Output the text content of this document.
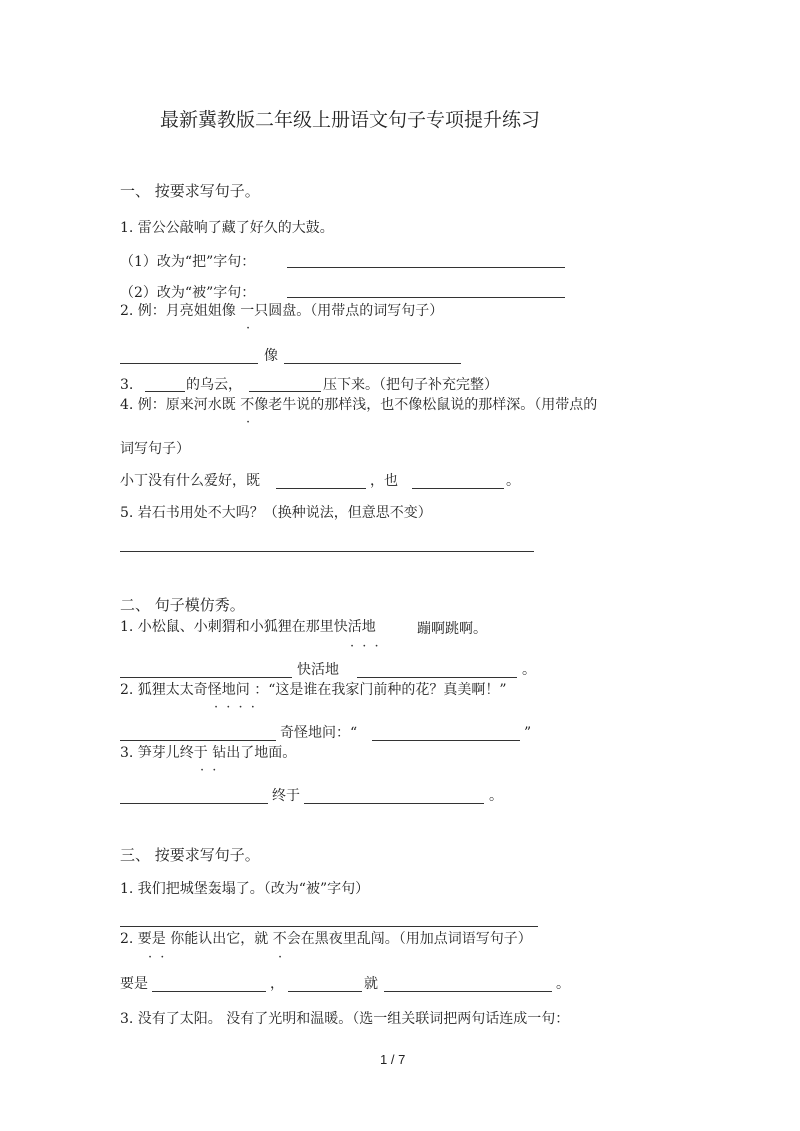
最新冀教版二年级上册语文句子专项提升练习
一、 按要求写句子。
1. 雷公公敲响了藏了好久的大鼓。
（1）改为“把”字句：
（2）改为“被”字句：
2. 例：月亮姐姐像 一只圆盘。（用带点的词写句子）
·
像
3.	的乌云，	压下来。（把句子补充完整）
4. 例：原来河水既 不像老牛说的那样浅，也不像松鼠说的那样深。（用带点的
·
词写句子）
小丁没有什么爱好，既	，也	。
5. 岩石书用处不大吗？（换种说法，但意思不变）
二、 句子模仿秀。
1. 小松鼠、小刺猬和小狐狸在那里快活地	蹦啊跳啊。
· · ·
快活地	。
2. 狐狸太太奇怪地问 ：“这是谁在我家门前种的花？真美啊！”
· · · ·
奇怪地问：“	”
3. 笋芽儿终于 钻出了地面。
· ·
终于	。
三、 按要求写句子。
1. 我们把城堡轰塌了。（改为“被”字句）
2. 要是 你能认出它，就 不会在黑夜里乱闯。（用加点词语写句子）
· ·	·
要是	，	就	。
3. 没有了太阳。 没有了光明和温暖。（选一组关联词把两句话连成一句：
1 / 7
